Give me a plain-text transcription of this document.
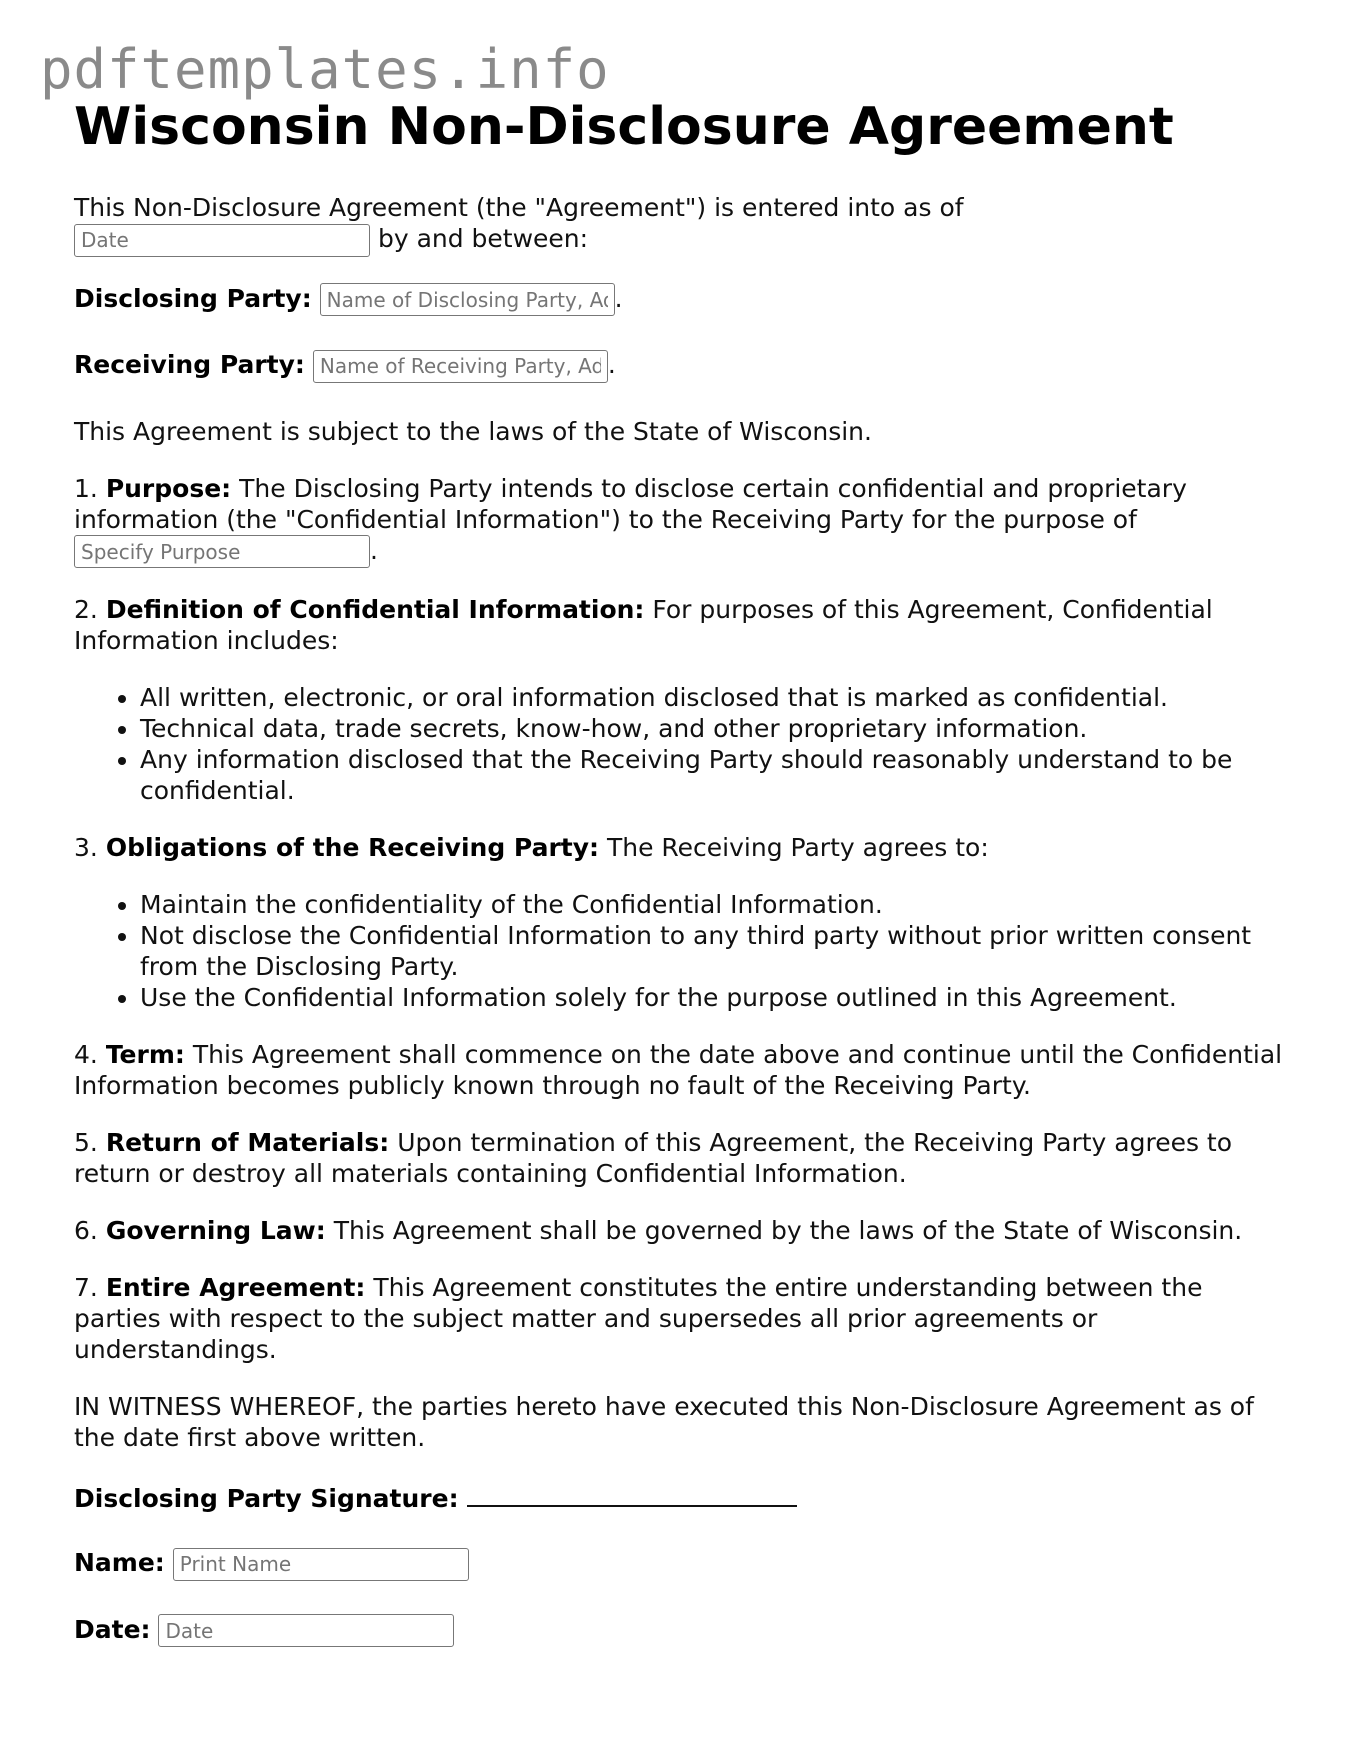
pdftemplates.info
Wisconsin Non-Disclosure Agreement

This Non-Disclosure Agreement (the "Agreement") is entered into as of
Date by and between:

Disclosing Party: Name of Disclosing Party, Address	.

Receiving Party: Name of Receiving Party, Address	.

This Agreement is subject to the laws of the State of Wisconsin.

1. Purpose: The Disclosing Party intends to disclose certain confidential and proprietary information (the "Confidential Information") to the Receiving Party for the purpose of
Specify Purpose.

2. Definition of Confidential Information: For purposes of this Agreement, Confidential Information includes:

• All written, electronic, or oral information disclosed that is marked as confidential.
• Technical data, trade secrets, know-how, and other proprietary information.
• Any information disclosed that the Receiving Party should reasonably understand to be confidential.

3. Obligations of the Receiving Party: The Receiving Party agrees to:

• Maintain the confidentiality of the Confidential Information.
• Not disclose the Confidential Information to any third party without prior written consent from the Disclosing Party.
• Use the Confidential Information solely for the purpose outlined in this Agreement.

4. Term: This Agreement shall commence on the date above and continue until the Confidential Information becomes publicly known through no fault of the Receiving Party.

5. Return of Materials: Upon termination of this Agreement, the Receiving Party agrees to return or destroy all materials containing Confidential Information.

6. Governing Law: This Agreement shall be governed by the laws of the State of Wisconsin.

7. Entire Agreement: This Agreement constitutes the entire understanding between the parties with respect to the subject matter and supersedes all prior agreements or understandings.

IN WITNESS WHEREOF, the parties hereto have executed this Non-Disclosure Agreement as of the date first above written.

Disclosing Party Signature:

Name: Print Name

Date: Date
